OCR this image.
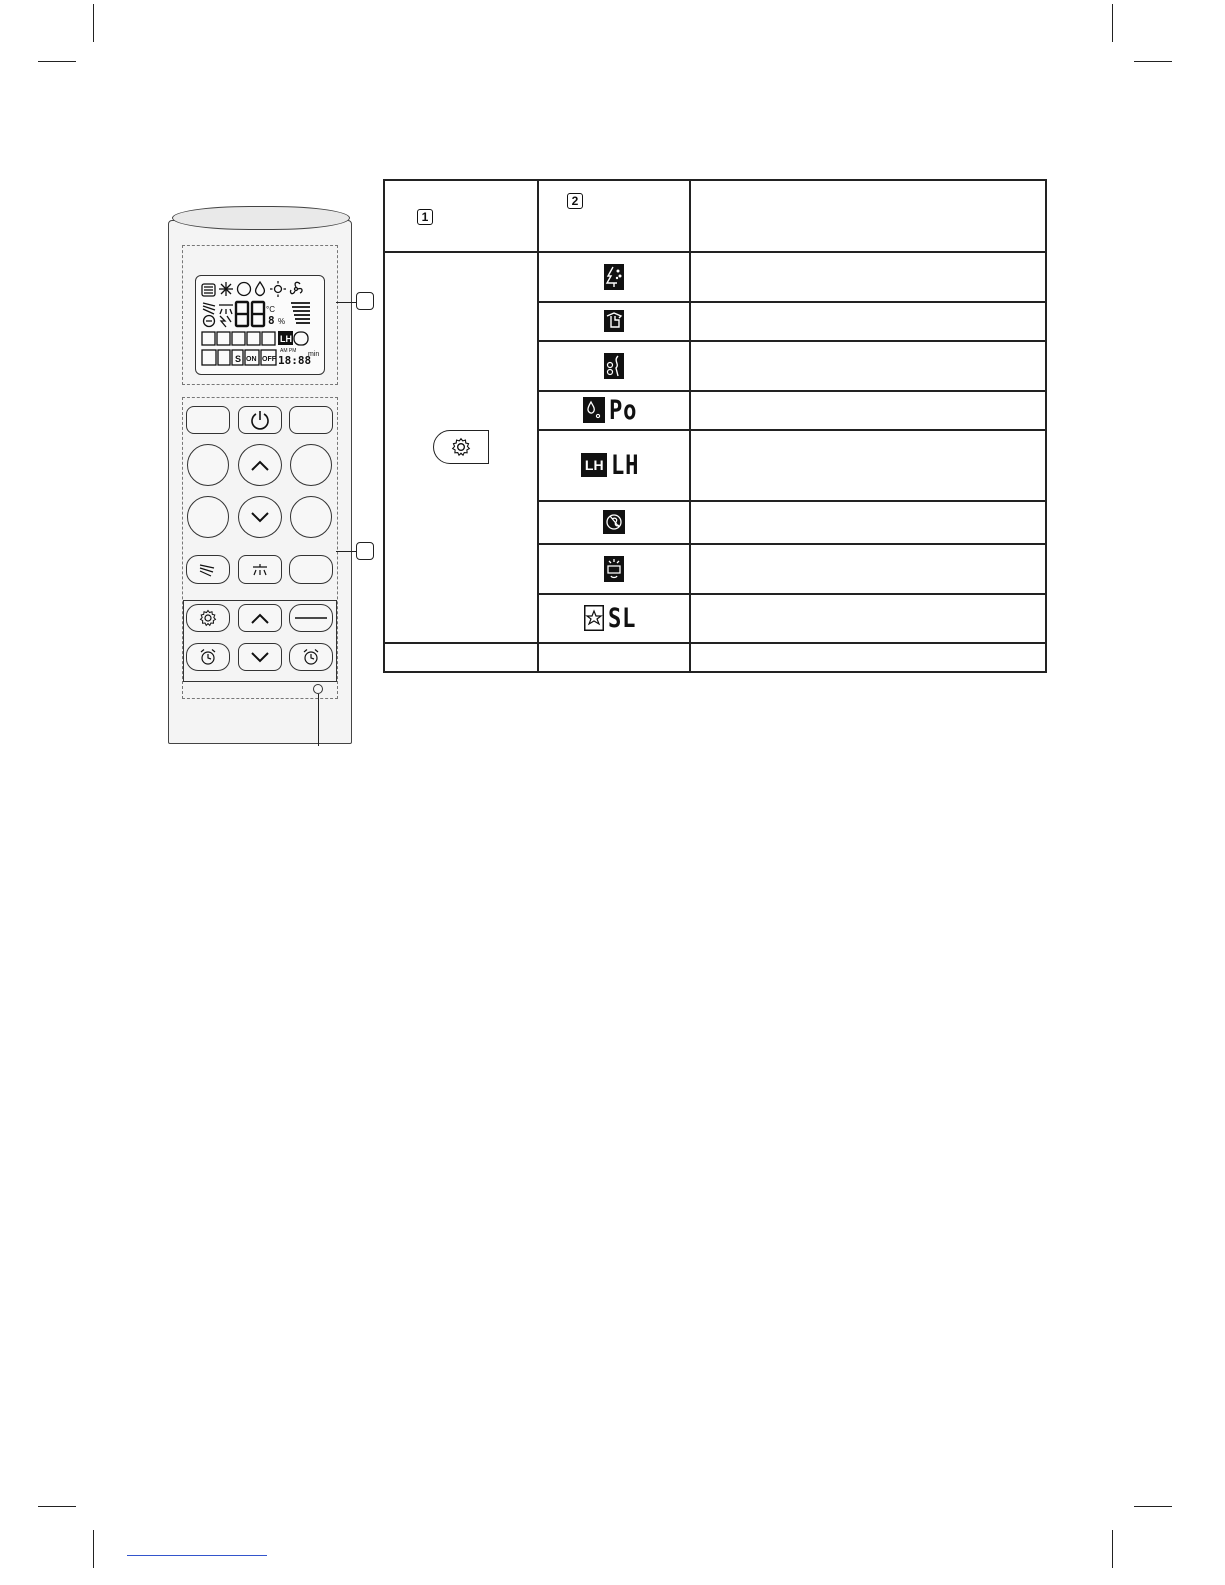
LH
°C
8 %
S ON OFF
AM PM
18:88
min
1
2
Po
LH LH
SL
